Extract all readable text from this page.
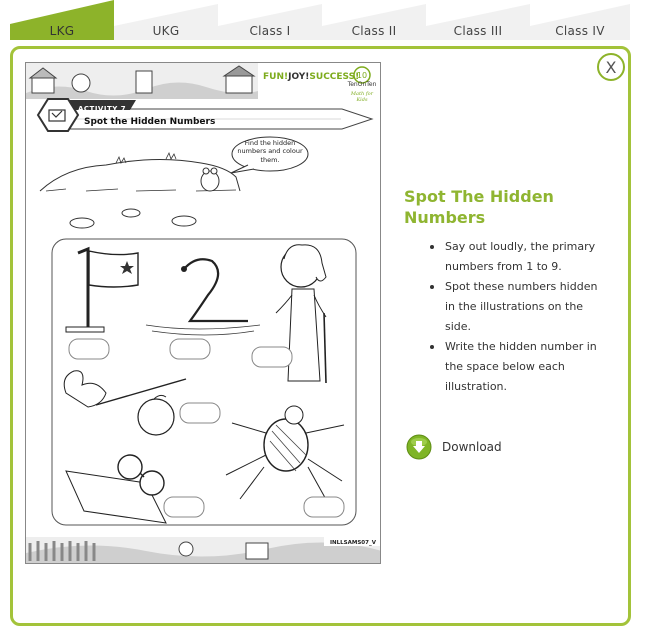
LKG	UKG	Class I	Class II	Class III	Class IV
X
10
FUN!JOY!SUCCESS!
TenOnTen
Math for Kids
ACTIVITY 7
Spot the Hidden Numbers
Find the hidden numbers and colour them.
INLLSAMS07_V
Spot The Hidden Numbers
Say out loudly, the primary numbers from 1 to 9.
Spot these numbers hidden in the illustrations on the side.
Write the hidden number in the space below each illustration.
Download
